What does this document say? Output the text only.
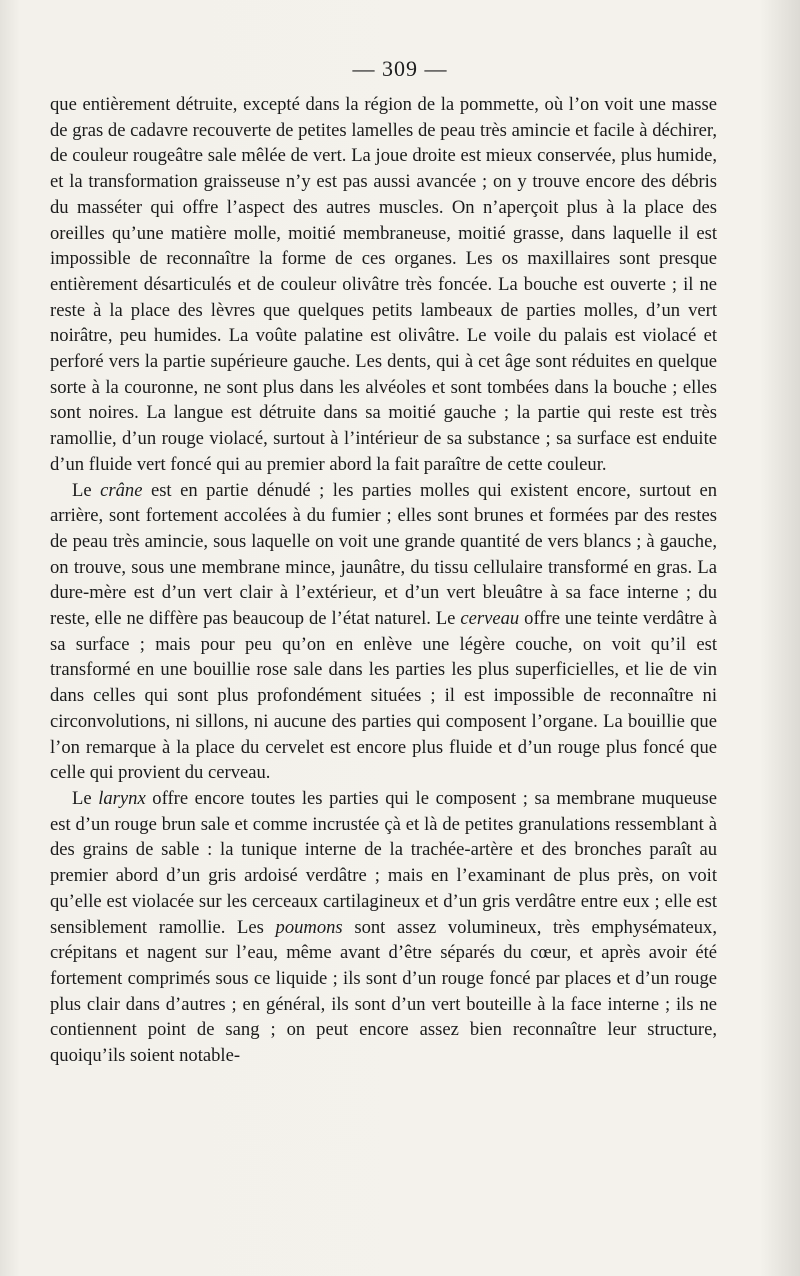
— 309 —

que entièrement détruite, excepté dans la région de la pommette, où l’on voit une masse de gras de cadavre recouverte de petites lamelles de peau très amincie et facile à déchirer, de couleur rougeâtre sale mêlée de vert. La joue droite est mieux conservée, plus humide, et la transformation graisseuse n’y est pas aussi avancée ; on y trouve encore des débris du masséter qui offre l’aspect des autres muscles. On n’aperçoit plus à la place des oreilles qu’une matière molle, moitié membraneuse, moitié grasse, dans laquelle il est impossible de reconnaître la forme de ces organes. Les os maxillaires sont presque entièrement désarticulés et de couleur olivâtre très foncée. La bouche est ouverte ; il ne reste à la place des lèvres que quelques petits lambeaux de parties molles, d’un vert noirâtre, peu humides. La voûte palatine est olivâtre. Le voile du palais est violacé et perforé vers la partie supérieure gauche. Les dents, qui à cet âge sont réduites en quelque sorte à la couronne, ne sont plus dans les alvéoles et sont tombées dans la bouche ; elles sont noires. La langue est détruite dans sa moitié gauche ; la partie qui reste est très ramollie, d’un rouge violacé, surtout à l’intérieur de sa substance ; sa surface est enduite d’un fluide vert foncé qui au premier abord la fait paraître de cette couleur.

Le crâne est en partie dénudé ; les parties molles qui existent encore, surtout en arrière, sont fortement accolées à du fumier ; elles sont brunes et formées par des restes de peau très amincie, sous laquelle on voit une grande quantité de vers blancs ; à gauche, on trouve, sous une membrane mince, jaunâtre, du tissu cellulaire transformé en gras. La dure-mère est d’un vert clair à l’extérieur, et d’un vert bleuâtre à sa face interne ; du reste, elle ne diffère pas beaucoup de l’état naturel. Le cerveau offre une teinte verdâtre à sa surface ; mais pour peu qu’on en enlève une légère couche, on voit qu’il est transformé en une bouillie rose sale dans les parties les plus superficielles, et lie de vin dans celles qui sont plus profondément situées ; il est impossible de reconnaître ni circonvolutions, ni sillons, ni aucune des parties qui composent l’organe. La bouillie que l’on remarque à la place du cervelet est encore plus fluide et d’un rouge plus foncé que celle qui provient du cerveau.

Le larynx offre encore toutes les parties qui le composent ; sa membrane muqueuse est d’un rouge brun sale et comme incrustée çà et là de petites granulations ressemblant à des grains de sable : la tunique interne de la trachée-artère et des bronches paraît au premier abord d’un gris ardoisé verdâtre ; mais en l’examinant de plus près, on voit qu’elle est violacée sur les cerceaux cartilagineux et d’un gris verdâtre entre eux ; elle est sensiblement ramollie. Les poumons sont assez volumineux, très emphysémateux, crépitans et nagent sur l’eau, même avant d’être séparés du cœur, et après avoir été fortement comprimés sous ce liquide ; ils sont d’un rouge foncé par places et d’un rouge plus clair dans d’autres ; en général, ils sont d’un vert bouteille à la face interne ; ils ne contiennent point de sang ; on peut encore assez bien reconnaître leur structure, quoiqu’ils soient notable-
